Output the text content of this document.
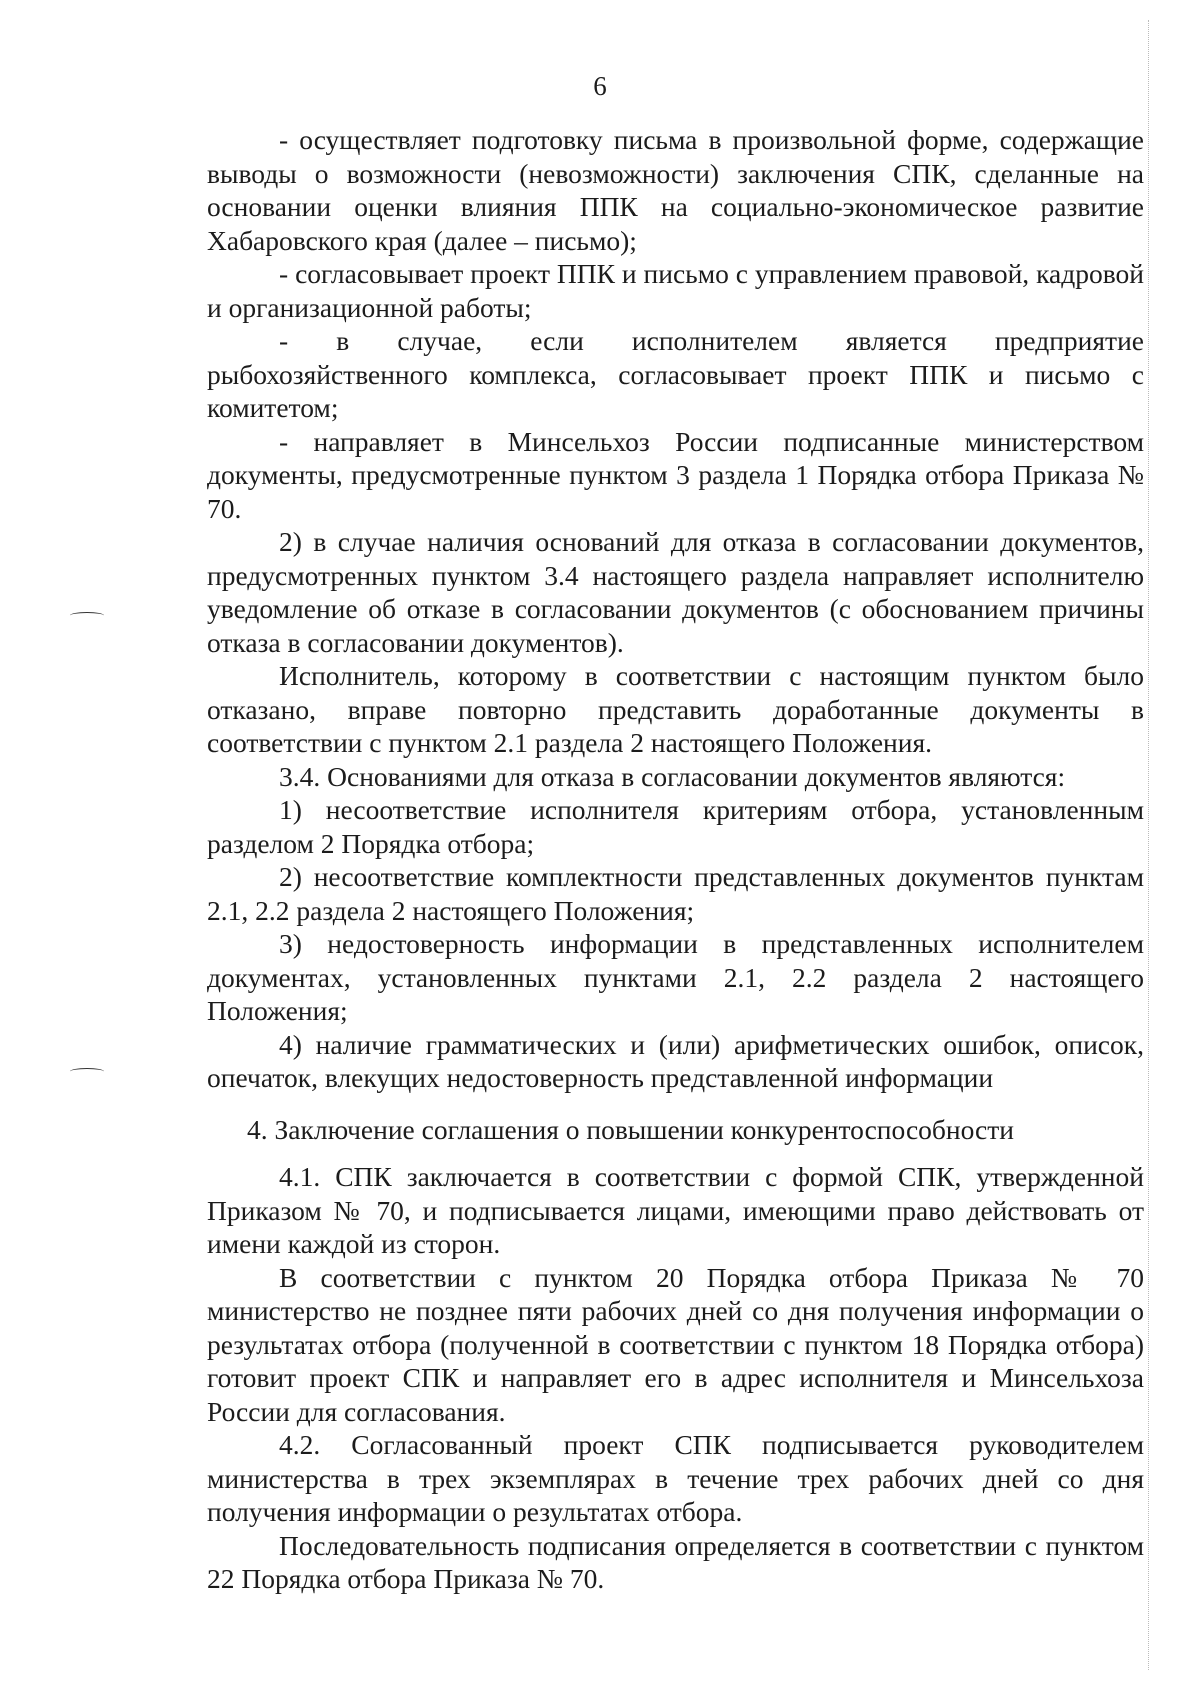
6

- осуществляет подготовку письма в произвольной форме, содержащие выводы о возможности (невозможности) заключения СПК, сделанные на основании оценки влияния ППК на социально-экономическое развитие Хабаровского края (далее – письмо);

- согласовывает проект ППК и письмо с управлением правовой, кадровой и организационной работы;

- в случае, если исполнителем является предприятие рыбохозяйственного комплекса, согласовывает проект ППК и письмо с комитетом;

- направляет в Минсельхоз России подписанные министерством документы, предусмотренные пунктом 3 раздела 1 Порядка отбора Приказа № 70.

2) в случае наличия оснований для отказа в согласовании документов, предусмотренных пунктом 3.4 настоящего раздела направляет исполнителю уведомление об отказе в согласовании документов (с обоснованием причины отказа в согласовании документов).

Исполнитель, которому в соответствии с настоящим пунктом было отказано, вправе повторно представить доработанные документы в соответствии с пунктом 2.1 раздела 2 настоящего Положения.

3.4. Основаниями для отказа в согласовании документов являются:

1) несоответствие исполнителя критериям отбора, установленным разделом 2 Порядка отбора;

2) несоответствие комплектности представленных документов пунктам 2.1, 2.2 раздела 2 настоящего Положения;

3) недостоверность информации в представленных исполнителем документах, установленных пунктами 2.1, 2.2 раздела 2 настоящего Положения;

4) наличие грамматических и (или) арифметических ошибок, описок, опечаток, влекущих недостоверность представленной информации

4. Заключение соглашения о повышении конкурентоспособности

4.1. СПК заключается в соответствии с формой СПК, утвержденной Приказом № 70, и подписывается лицами, имеющими право действовать от имени каждой из сторон.

В соответствии с пунктом 20 Порядка отбора Приказа № 70 министерство не позднее пяти рабочих дней со дня получения информации о результатах отбора (полученной в соответствии с пунктом 18 Порядка отбора) готовит проект СПК и направляет его в адрес исполнителя и Минсельхоза России для согласования.

4.2. Согласованный проект СПК подписывается руководителем министерства в трех экземплярах в течение трех рабочих дней со дня получения информации о результатах отбора.

Последовательность подписания определяется в соответствии с пунктом 22 Порядка отбора Приказа № 70.
